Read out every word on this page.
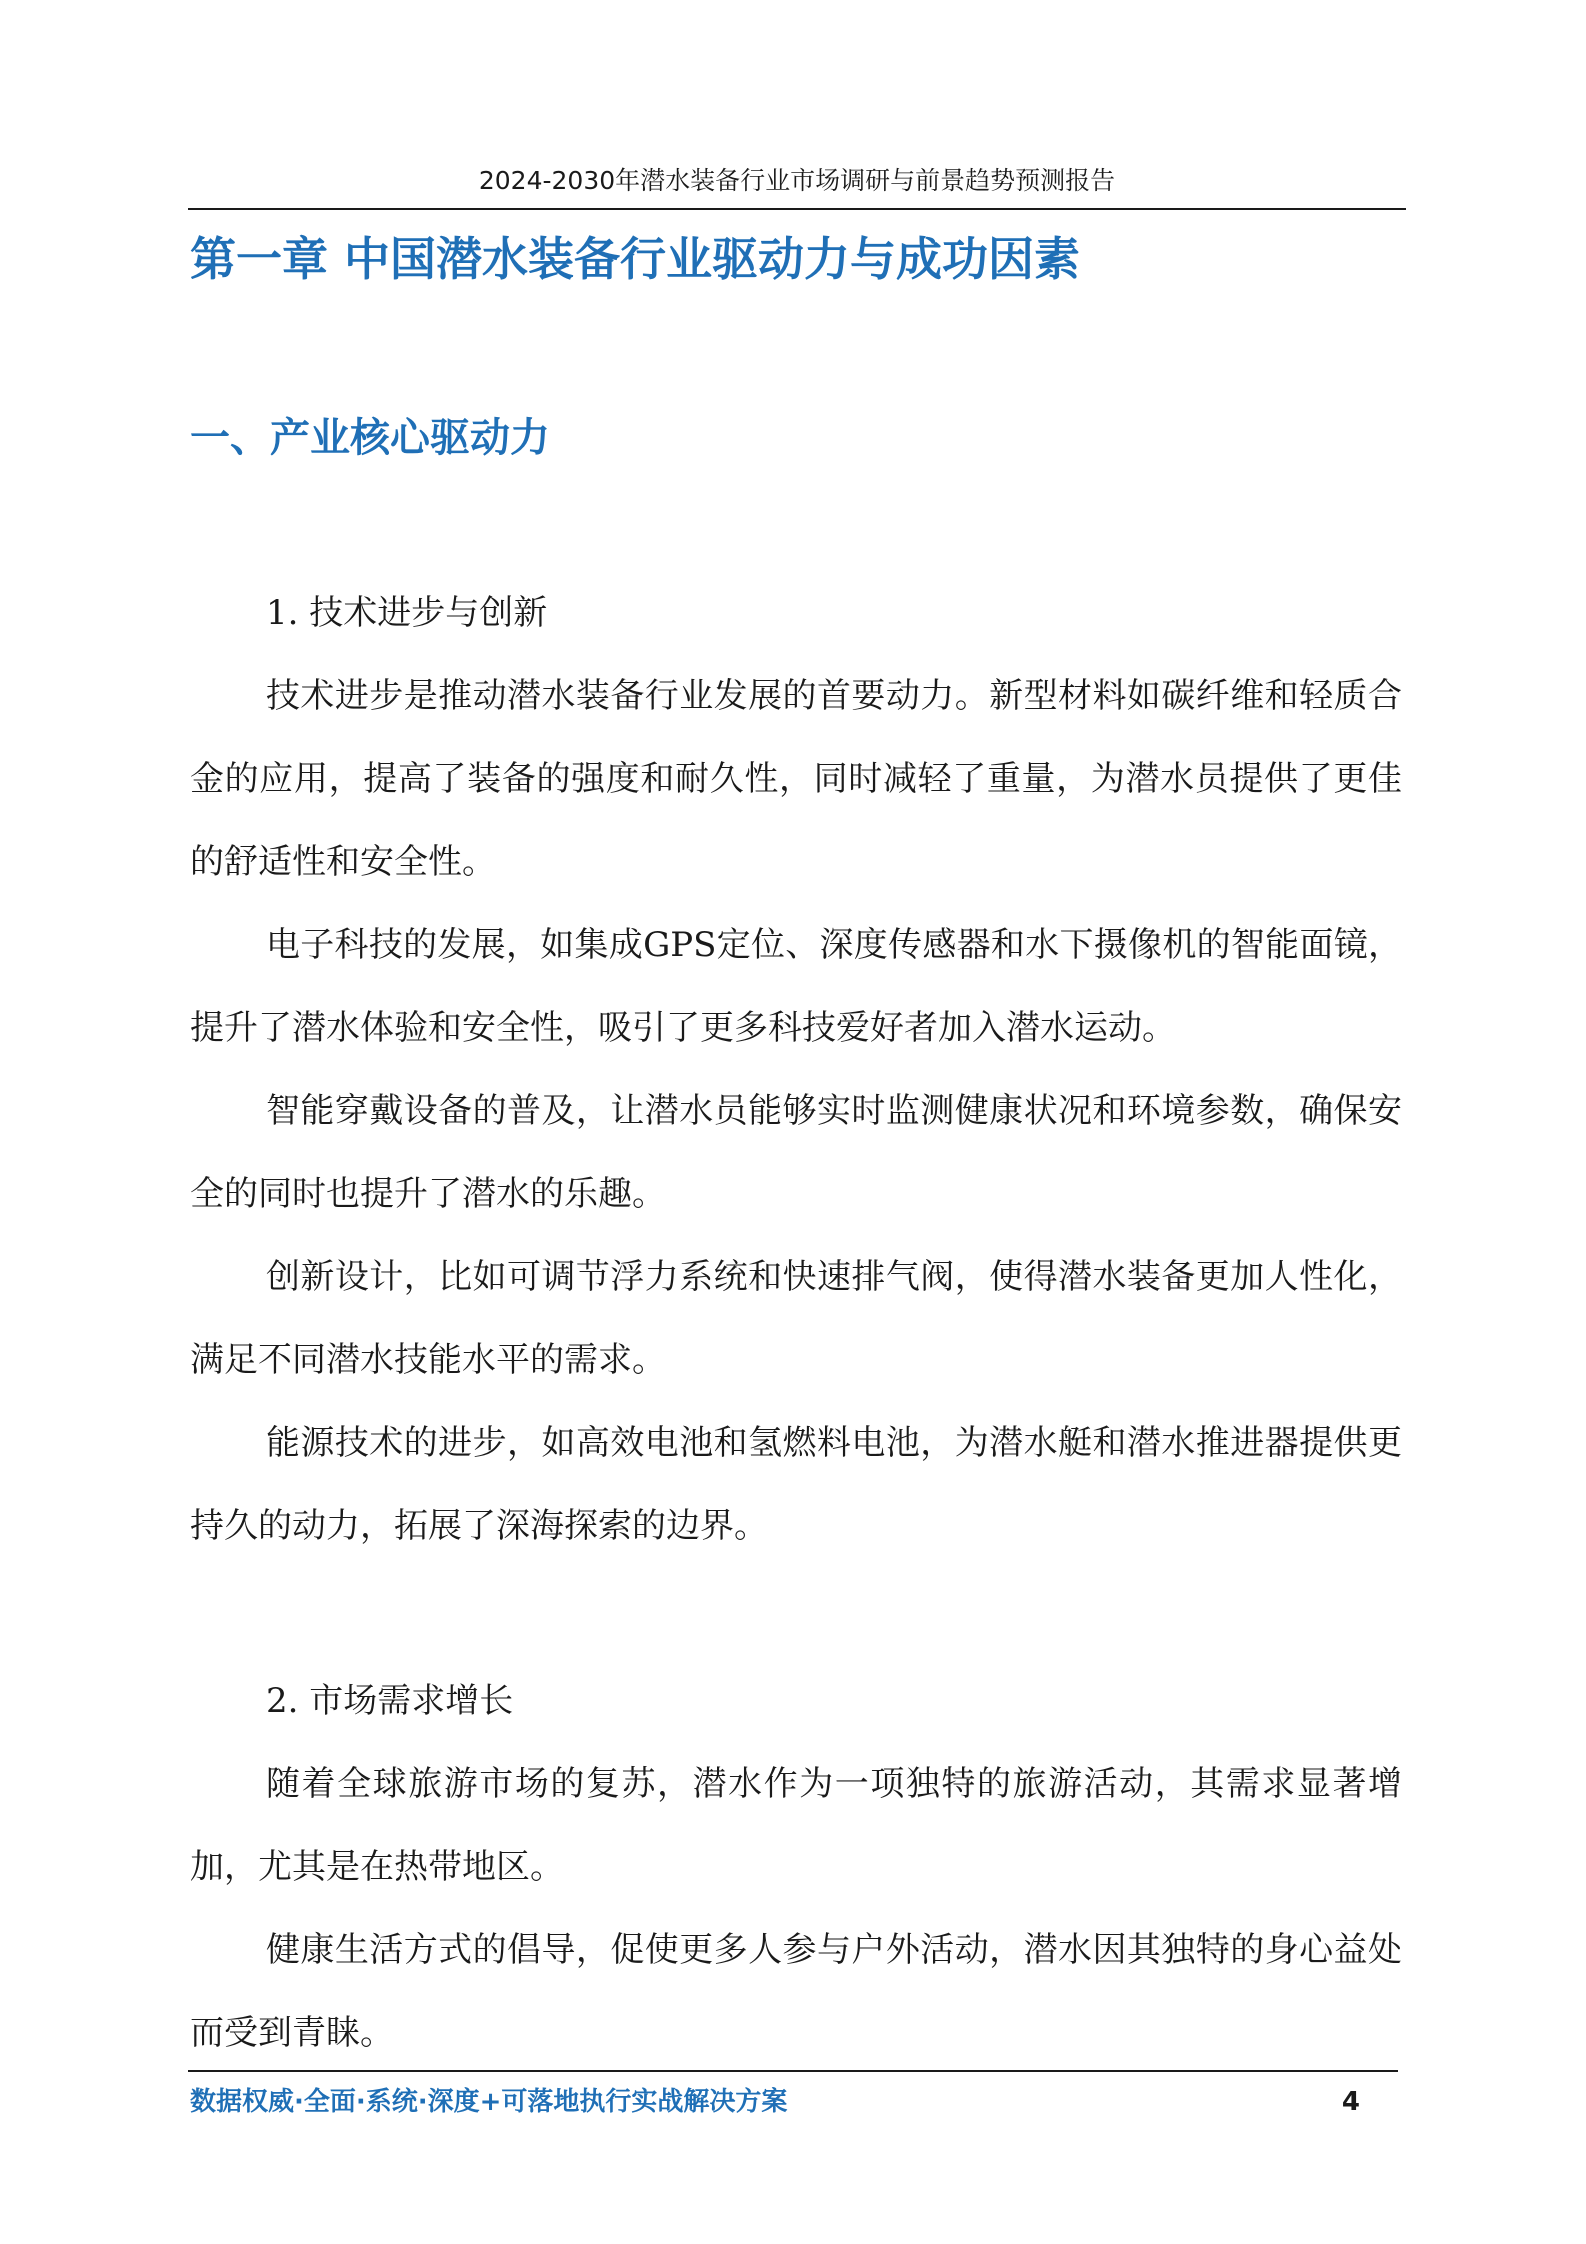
2024-2030年潜水装备行业市场调研与前景趋势预测报告
第一章 中国潜水装备行业驱动力与成功因素
一、产业核心驱动力

1. 技术进步与创新

技术进步是推动潜水装备行业发展的首要动力。新型材料如碳纤维和轻质合金的应用，提高了装备的强度和耐久性，同时减轻了重量，为潜水员提供了更佳的舒适性和安全性。

电子科技的发展，如集成GPS定位、深度传感器和水下摄像机的智能面镜，提升了潜水体验和安全性，吸引了更多科技爱好者加入潜水运动。

智能穿戴设备的普及，让潜水员能够实时监测健康状况和环境参数，确保安全的同时也提升了潜水的乐趣。

创新设计，比如可调节浮力系统和快速排气阀，使得潜水装备更加人性化，满足不同潜水技能水平的需求。

能源技术的进步，如高效电池和氢燃料电池，为潜水艇和潜水推进器提供更持久的动力，拓展了深海探索的边界。

2. 市场需求增长

随着全球旅游市场的复苏，潜水作为一项独特的旅游活动，其需求显著增加，尤其是在热带地区。

健康生活方式的倡导，促使更多人参与户外活动，潜水因其独特的身心益处而受到青睐。

数据权威·全面·系统·深度+可落地执行实战解决方案	4
